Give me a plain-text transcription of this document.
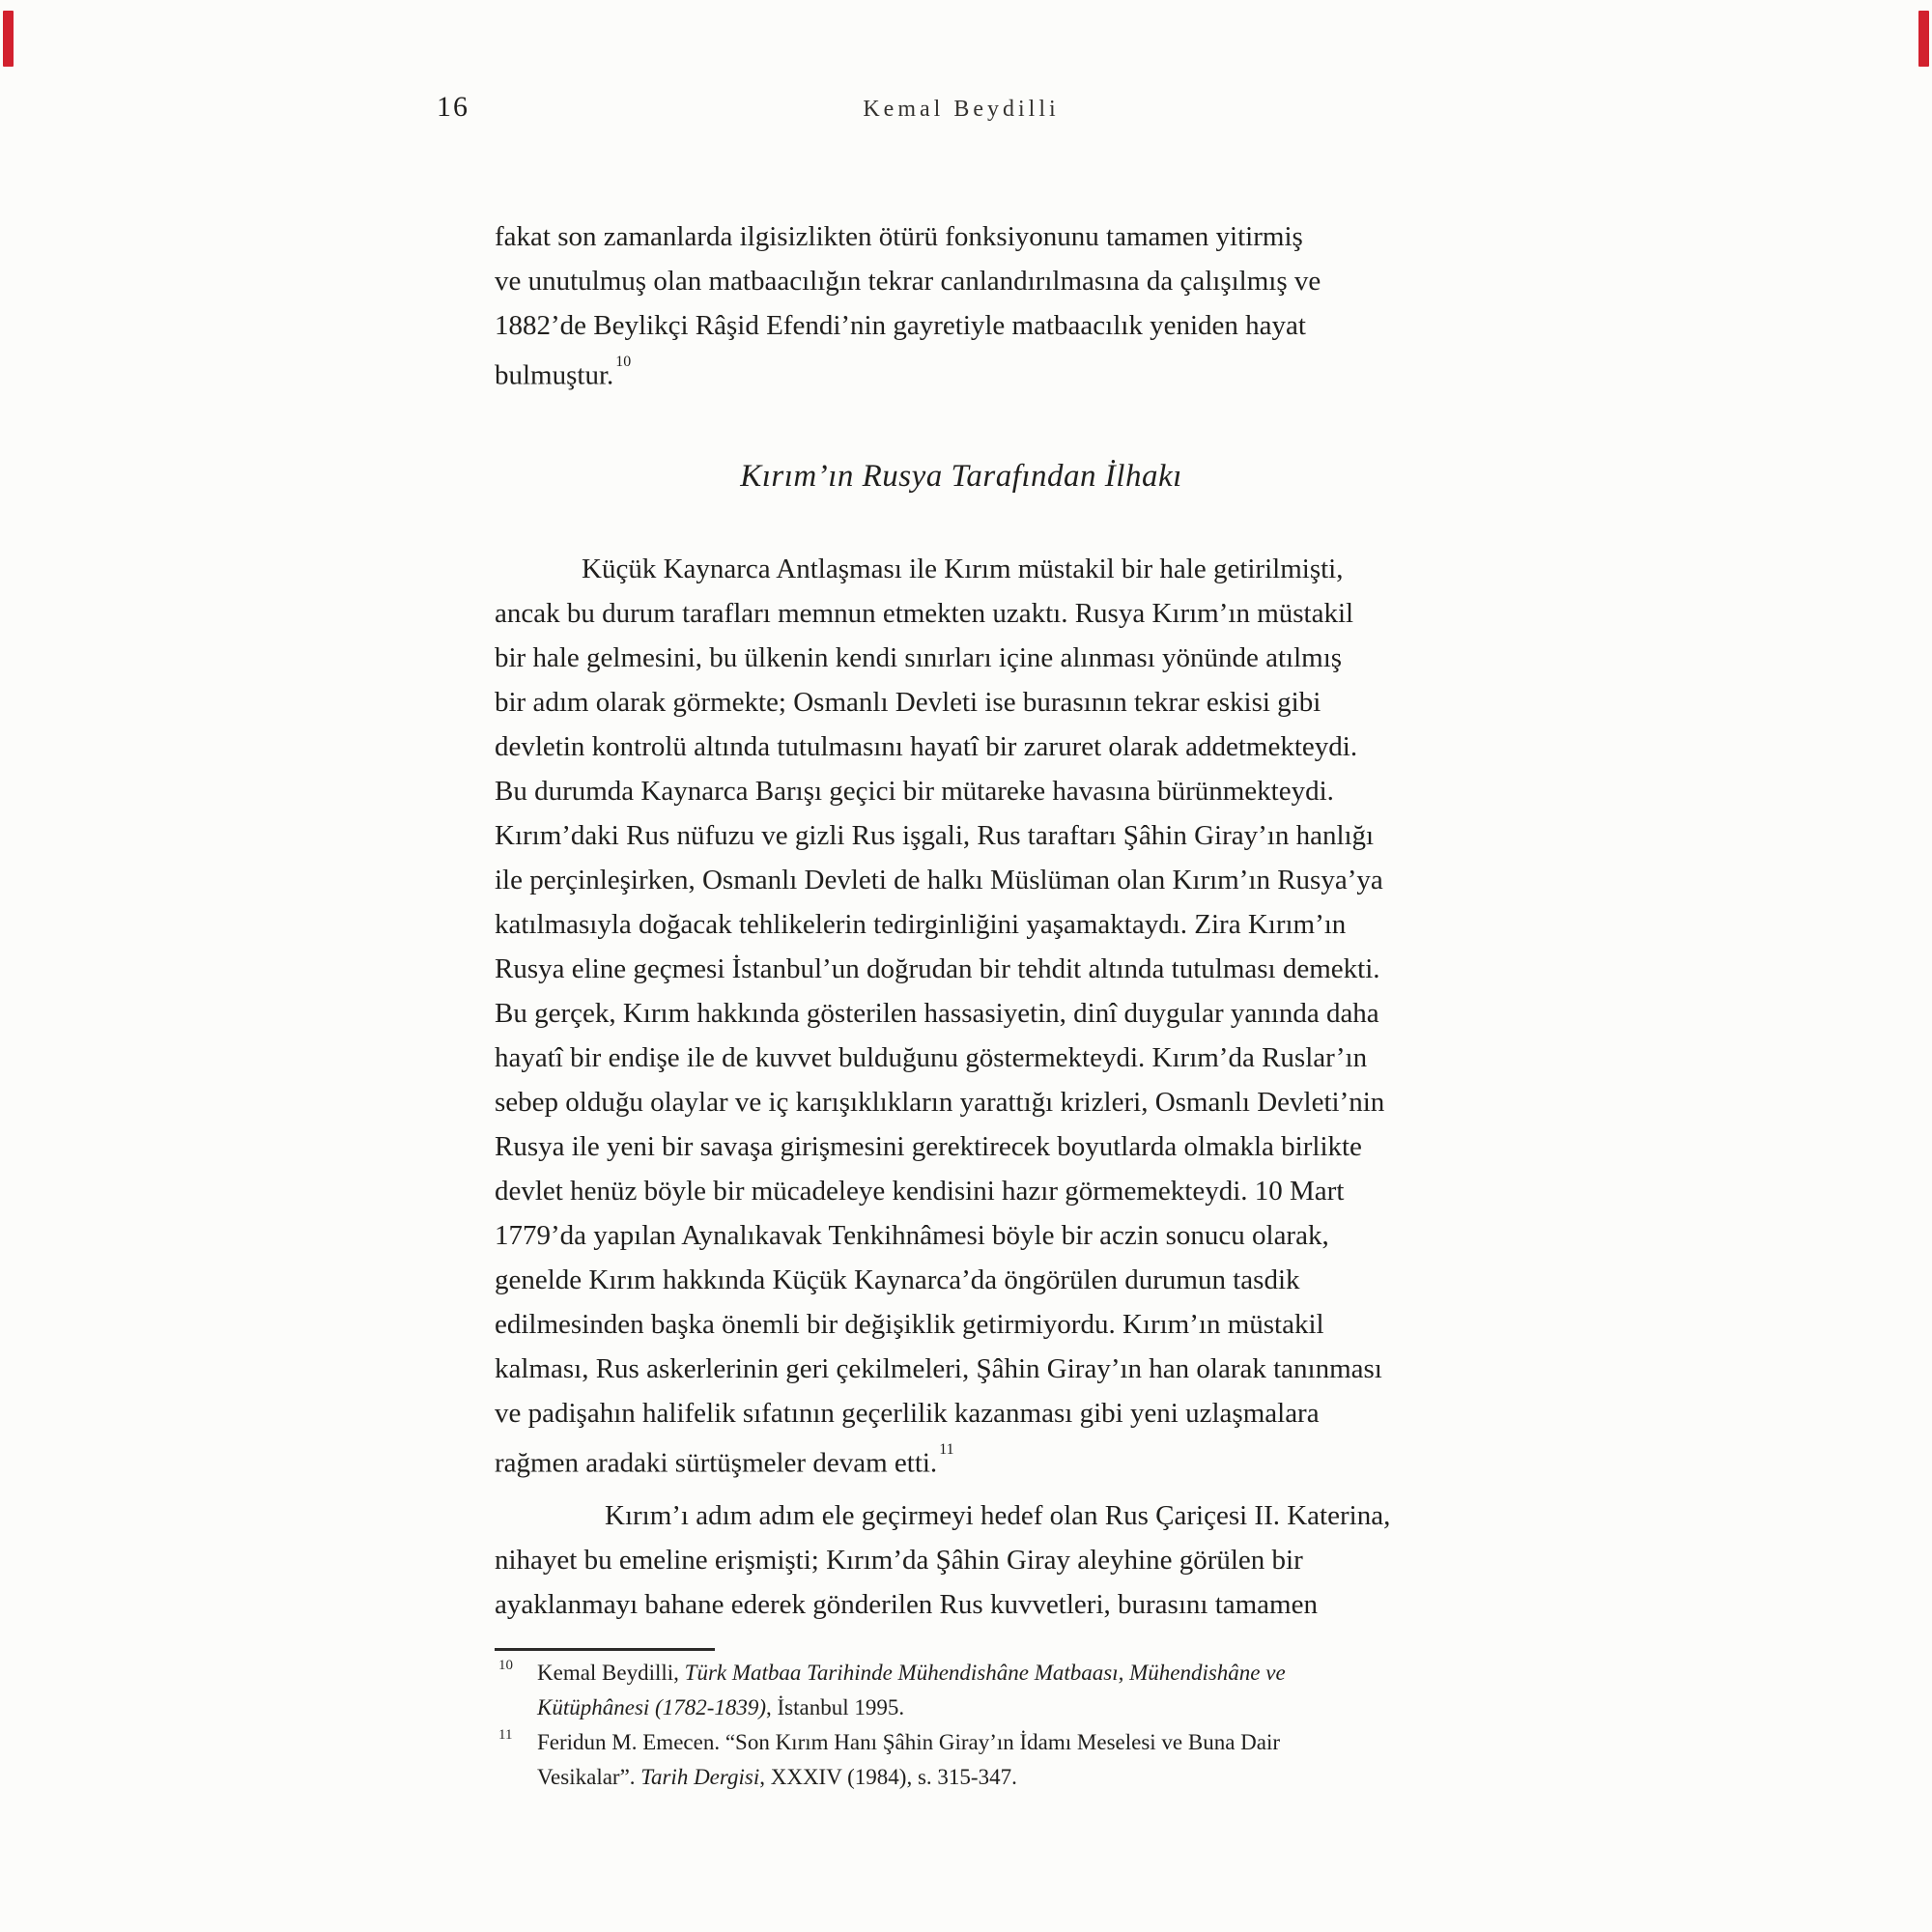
16	Kemal Beydilli
fakat son zamanlarda ilgisizlikten ötürü fonksiyonunu tamamen yitirmiş
ve unutulmuş olan matbaacılığın tekrar canlandırılmasına da çalışılmış ve
1882’de Beylikçi Râşid Efendi’nin gayretiyle matbaacılık yeniden hayat
bulmuştur. $^{10}$
Kırım’ın Rusya Tarafından İlhakı
Küçük Kaynarca Antlaşması ile Kırım müstakil bir hale getirilmişti,
ancak bu durum tarafları memnun etmekten uzaktı. Rusya Kırım’ın müstakil
bir hale gelmesini, bu ülkenin kendi sınırları içine alınması yönünde atılmış
bir adım olarak görmekte; Osmanlı Devleti ise burasının tekrar eskisi gibi
devletin kontrolü altında tutulmasını hayatî bir zaruret olarak addetmekteydi.
Bu durumda Kaynarca Barışı geçici bir mütareke havasına bürünmekteydi.
Kırım’daki Rus nüfuzu ve gizli Rus işgali, Rus taraftarı Şâhin Giray’ın hanlığı
ile perçinleşirken, Osmanlı Devleti de halkı Müslüman olan Kırım’ın Rusya’ya
katılmasıyla doğacak tehlikelerin tedirginliğini yaşamaktaydı. Zira Kırım’ın
Rusya eline geçmesi İstanbul’un doğrudan bir tehdit altında tutulması demekti.
Bu gerçek, Kırım hakkında gösterilen hassasiyetin, dinî duygular yanında daha
hayatî bir endişe ile de kuvvet bulduğunu göstermekteydi. Kırım’da Ruslar’ın
sebep olduğu olaylar ve iç karışıklıkların yarattığı krizleri, Osmanlı Devleti’nin
Rusya ile yeni bir savaşa girişmesini gerektirecek boyutlarda olmakla birlikte
devlet henüz böyle bir mücadeleye kendisini hazır görmemekteydi. 10 Mart
1779’da yapılan Aynalıkavak Tenkihnâmesi böyle bir aczin sonucu olarak,
genelde Kırım hakkında Küçük Kaynarca’da öngörülen durumun tasdik
edilmesinden başka önemli bir değişiklik getirmiyordu. Kırım’ın müstakil
kalması, Rus askerlerinin geri çekilmeleri, Şâhin Giray’ın han olarak tanınması
ve padişahın halifelik sıfatının geçerlilik kazanması gibi yeni uzlaşmalara
rağmen aradaki sürtüşmeler devam etti. $^{11}$
Kırım’ı adım adım ele geçirmeyi hedef olan Rus Çariçesi II. Katerina,
nihayet bu emeline erişmişti; Kırım’da Şâhin Giray aleyhine görülen bir
ayaklanmayı bahane ederek gönderilen Rus kuvvetleri, burasını tamamen
10 Kemal Beydilli, Türk Matbaa Tarihinde Mühendishâne Matbaası, Mühendishâne ve
Kütüphânesi (1782-1839), İstanbul 1995.
11 Feridun M. Emecen. “Son Kırım Hanı Şâhin Giray’ın İdamı Meselesi ve Buna Dair
Vesikalar”. Tarih Dergisi, XXXIV (1984), s. 315-347.
